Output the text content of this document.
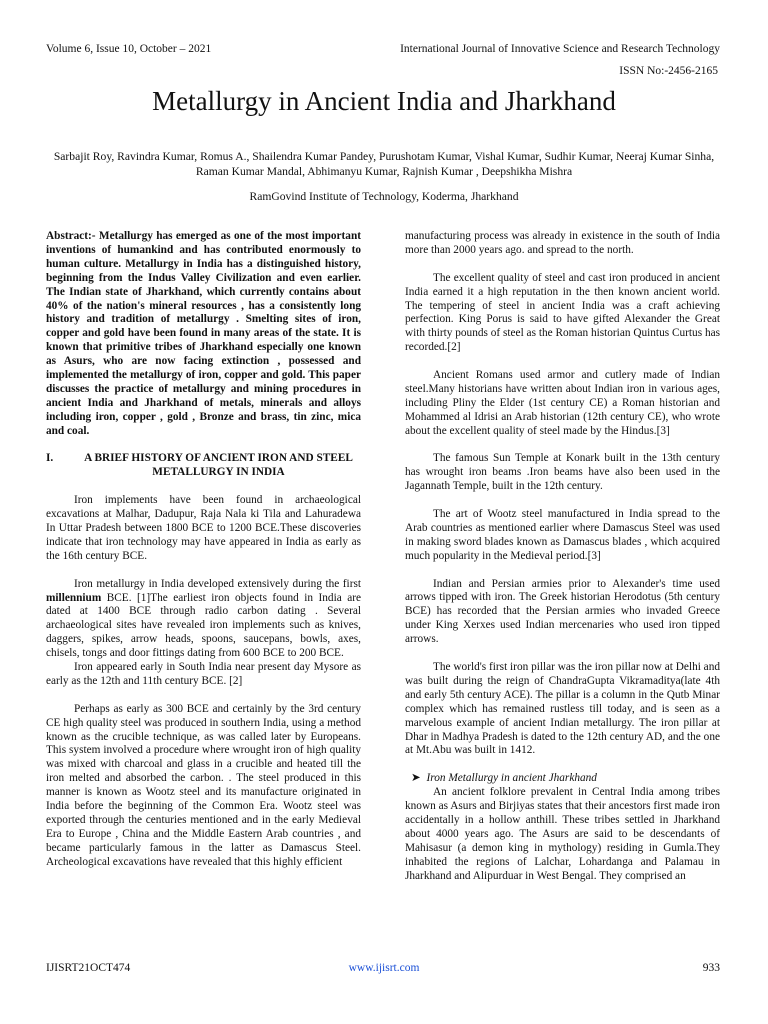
Volume 6, Issue 10, October – 2021	International Journal of Innovative Science and Research Technology
ISSN No:-2456-2165
Metallurgy in Ancient India and Jharkhand
Sarbajit Roy, Ravindra Kumar, Romus A., Shailendra Kumar Pandey, Purushotam Kumar, Vishal Kumar, Sudhir Kumar, Neeraj Kumar Sinha, Raman Kumar Mandal, Abhimanyu Kumar, Rajnish Kumar , Deepshikha Mishra
RamGovind Institute of Technology, Koderma, Jharkhand

Abstract:- Metallurgy has emerged as one of the most important inventions of humankind and has contributed enormously to human culture. Metallurgy in India has a distinguished history, beginning from the Indus Valley Civilization and even earlier. The Indian state of Jharkhand, which currently contains about 40% of the nation's mineral resources , has a consistently long history and tradition of metallurgy . Smelting sites of iron, copper and gold have been found in many areas of the state. It is known that primitive tribes of Jharkhand especially one known as Asurs, who are now facing extinction , possessed and implemented the metallurgy of iron, copper and gold. This paper discusses the practice of metallurgy and mining procedures in ancient India and Jharkhand of metals, minerals and alloys including iron, copper , gold , Bronze and brass, tin zinc, mica and coal.

I.	A BRIEF HISTORY OF ANCIENT IRON AND STEEL METALLURGY IN INDIA

Iron implements have been found in archaeological excavations at Malhar, Dadupur, Raja Nala ki Tila and Lahuradewa In Uttar Pradesh between 1800 BCE to 1200 BCE.These discoveries indicate that iron technology may have appeared in India as early as the 16th century BCE.

Iron metallurgy in India developed extensively during the first millennium BCE. [1]The earliest iron objects found in India are dated at 1400 BCE through radio carbon dating . Several archaeological sites have revealed iron implements such as knives, daggers, spikes, arrow heads, spoons, saucepans, bowls, axes, chisels, tongs and door fittings dating from 600 BCE to 200 BCE.

Iron appeared early in South India near present day Mysore as early as the 12th and 11th century BCE. [2]

Perhaps as early as 300 BCE and certainly by the 3rd century CE high quality steel was produced in southern India, using a method known as the crucible technique, as was called later by Europeans. This system involved a procedure where wrought iron of high quality was mixed with charcoal and glass in a crucible and heated till the iron melted and absorbed the carbon. . The steel produced in this manner is known as Wootz steel and its manufacture originated in India before the beginning of the Common Era. Wootz steel was exported through the centuries mentioned and in the early Medieval Era to Europe , China and the Middle Eastern Arab countries , and became particularly famous in the latter as Damascus Steel. Archeological excavations have revealed that this highly efficient

manufacturing process was already in existence in the south of India more than 2000 years ago. and spread to the north.

The excellent quality of steel and cast iron produced in ancient India earned it a high reputation in the then known ancient world. The tempering of steel in ancient India was a craft achieving perfection. King Porus is said to have gifted Alexander the Great with thirty pounds of steel as the Roman historian Quintus Curtus has recorded.[2]

Ancient Romans used armor and cutlery made of Indian steel.Many historians have written about Indian iron in various ages, including Pliny the Elder (1st century CE) a Roman historian and Mohammed al Idrisi an Arab historian (12th century CE), who wrote about the excellent quality of steel made by the Hindus.[3]

The famous Sun Temple at Konark built in the 13th century has wrought iron beams .Iron beams have also been used in the Jagannath Temple, built in the 12th century.

The art of Wootz steel manufactured in India spread to the Arab countries as mentioned earlier where Damascus Steel was used in making sword blades known as Damascus blades , which acquired much popularity in the Medieval period.[3]

Indian and Persian armies prior to Alexander's time used arrows tipped with iron. The Greek historian Herodotus (5th century BCE) has recorded that the Persian armies who invaded Greece under King Xerxes used Indian mercenaries who used iron tipped arrows.

The world's first iron pillar was the iron pillar now at Delhi and was built during the reign of ChandraGupta Vikramaditya(late 4th and early 5th century ACE). The pillar is a column in the Qutb Minar complex which has remained rustless till today, and is seen as a marvelous example of ancient Indian metallurgy. The iron pillar at Dhar in Madhya Pradesh is dated to the 12th century AD, and the one at Mt.Abu was built in 1412.

➤ Iron Metallurgy in ancient Jharkhand

An ancient folklore prevalent in Central India among tribes known as Asurs and Birjiyas states that their ancestors first made iron accidentally in a hollow anthill. These tribes settled in Jharkhand about 4000 years ago. The Asurs are said to be descendants of Mahisasur (a demon king in mythology) residing in Gumla.They inhabited the regions of Lalchar, Lohardanga and Palamau in Jharkhand and Alipurduar in West Bengal. They comprised an

IJISRT21OCT474	www.ijisrt.com	933
